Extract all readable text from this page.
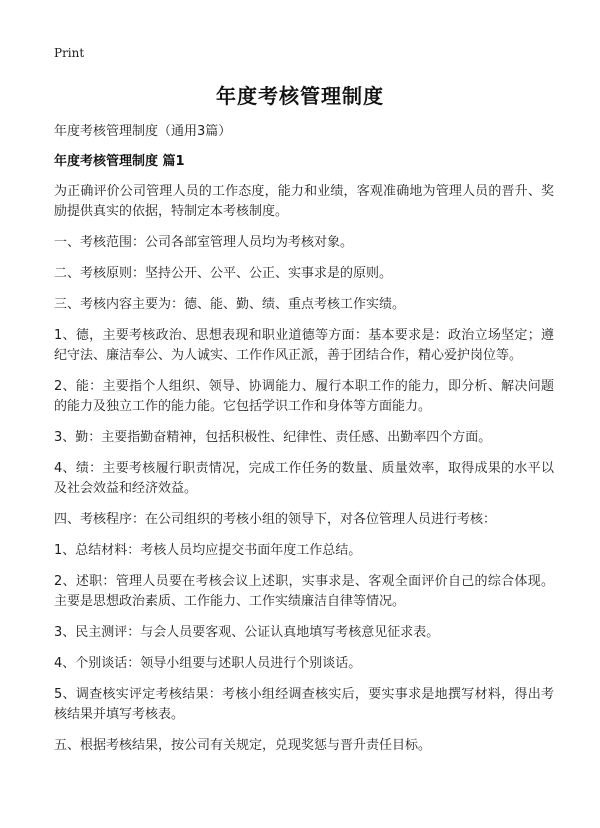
Print
年度考核管理制度
年度考核管理制度（通用3篇）
年度考核管理制度 篇1

为正确评价公司管理人员的工作态度，能力和业绩，客观准确地为管理人员的晋升、奖励提供真实的依据，特制定本考核制度。

一、考核范围：公司各部室管理人员均为考核对象。

二、考核原则：坚持公开、公平、公正、实事求是的原则。

三、考核内容主要为：德、能、勤、绩、重点考核工作实绩。

1、德，主要考核政治、思想表现和职业道德等方面：基本要求是：政治立场坚定；遵纪守法、廉洁奉公、为人诚实、工作作风正派，善于团结合作，精心爱护岗位等。

2、能：主要指个人组织、领导、协调能力、履行本职工作的能力，即分析、解决问题的能力及独立工作的能力能。它包括学识工作和身体等方面能力。

3、勤：主要指勤奋精神，包括积极性、纪律性、责任感、出勤率四个方面。

4、绩：主要考核履行职责情况，完成工作任务的数量、质量效率，取得成果的水平以及社会效益和经济效益。

四、考核程序：在公司组织的考核小组的领导下，对各位管理人员进行考核：

1、总结材料：考核人员均应提交书面年度工作总结。

2、述职：管理人员要在考核会议上述职，实事求是、客观全面评价自己的综合体现。主要是思想政治素质、工作能力、工作实绩廉洁自律等情况。

3、民主测评：与会人员要客观、公证认真地填写考核意见征求表。

4、个别谈话：领导小组要与述职人员进行个别谈话。

5、调查核实评定考核结果：考核小组经调查核实后，要实事求是地撰写材料，得出考核结果并填写考核表。

五、根据考核结果，按公司有关规定，兑现奖惩与晋升责任目标。
